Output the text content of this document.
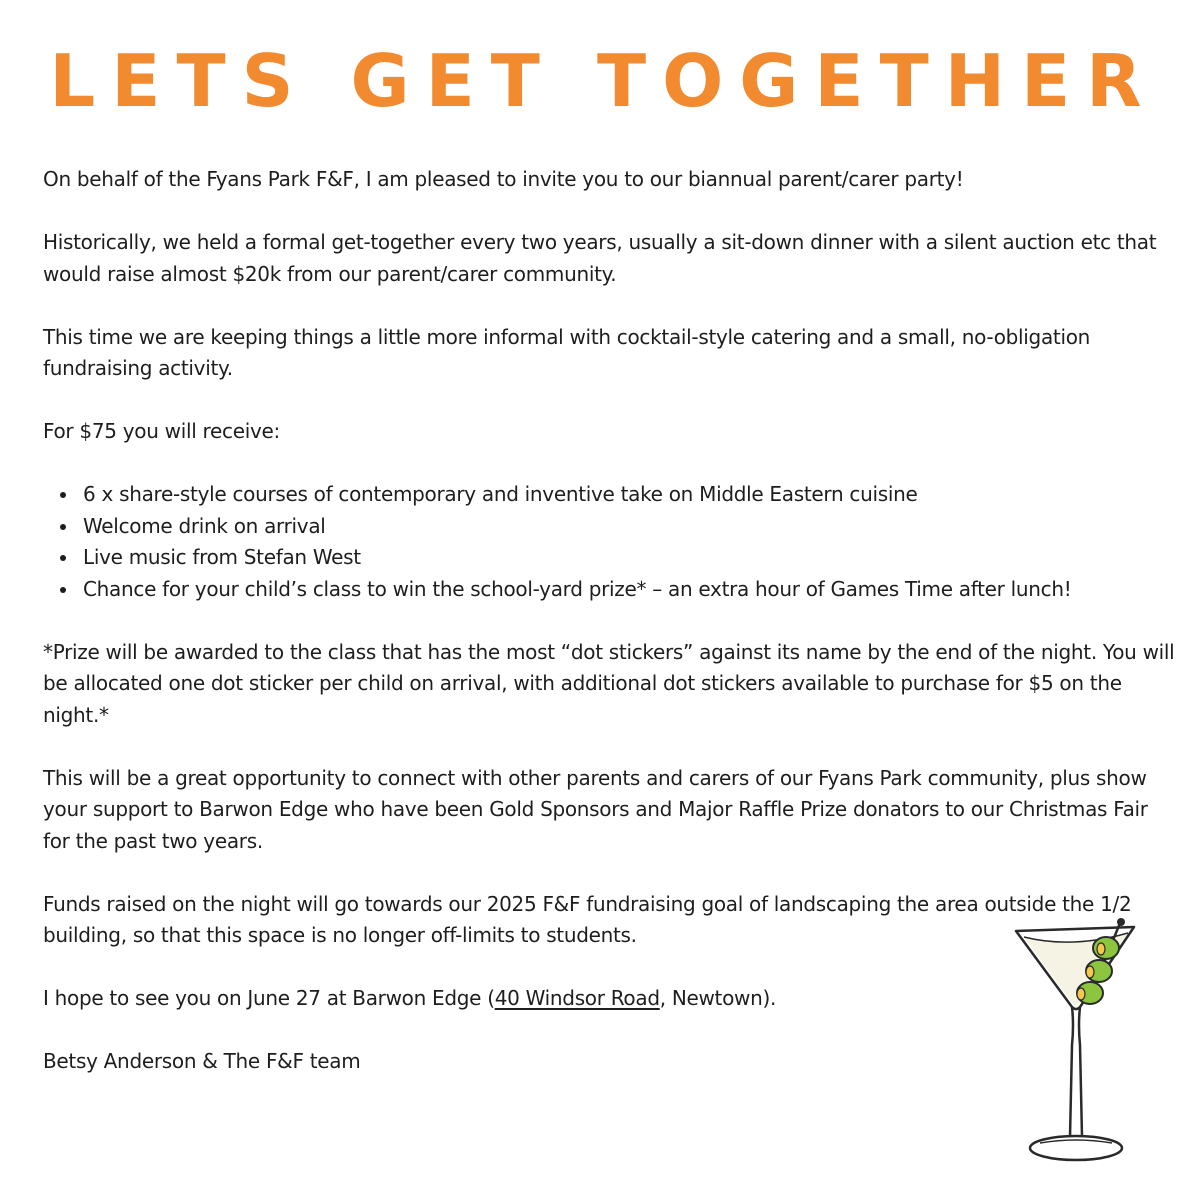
LETS GET TOGETHER

On behalf of the Fyans Park F&F, I am pleased to invite you to our biannual parent/carer party!

Historically, we held a formal get-together every two years, usually a sit-down dinner with a silent auction etc that would raise almost $20k from our parent/carer community.

This time we are keeping things a little more informal with cocktail-style catering and a small, no-obligation fundraising activity.

For $75 you will receive:

6 x share-style courses of contemporary and inventive take on Middle Eastern cuisine
Welcome drink on arrival
Live music from Stefan West
Chance for your child’s class to win the school-yard prize* – an extra hour of Games Time after lunch!

*Prize will be awarded to the class that has the most “dot stickers” against its name by the end of the night. You will be allocated one dot sticker per child on arrival, with additional dot stickers available to purchase for $5 on the night.*

This will be a great opportunity to connect with other parents and carers of our Fyans Park community, plus show your support to Barwon Edge who have been Gold Sponsors and Major Raffle Prize donators to our Christmas Fair for the past two years.

Funds raised on the night will go towards our 2025 F&F fundraising goal of landscaping the area outside the 1/2 building, so that this space is no longer off-limits to students.

I hope to see you on June 27 at Barwon Edge (40 Windsor Road, Newtown).

Betsy Anderson & The F&F team
